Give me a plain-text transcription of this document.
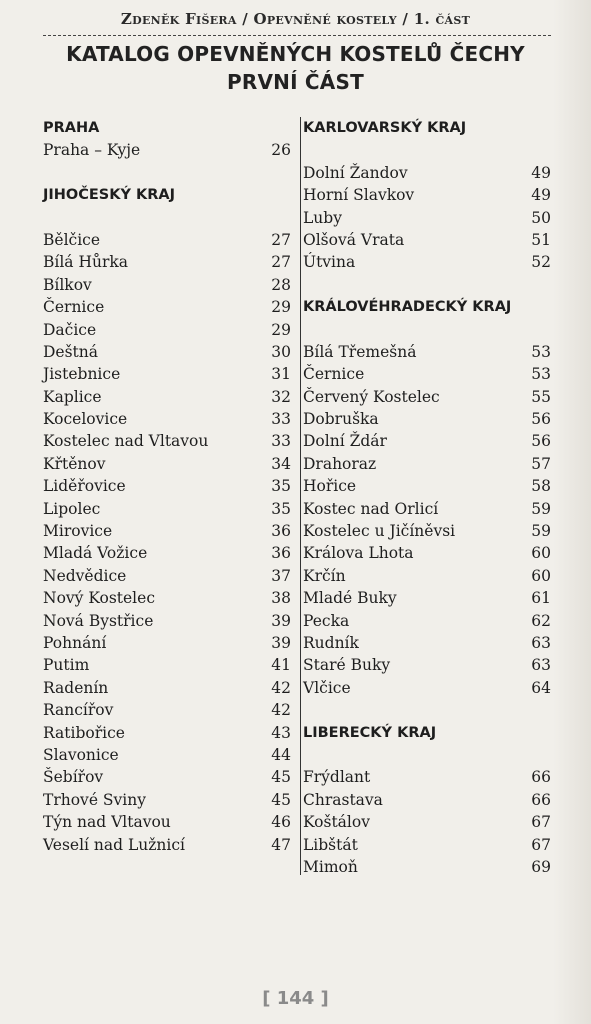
Zdeněk Fišera / Opevněné kostely / 1. část
KATALOG OPEVNĚNÝCH KOSTELŮ ČECHY
PRVNÍ ČÁST
PRAHA
Praha – Kyje	26
JIHOČESKÝ KRAJ
Bělčice	27
Bílá Hůrka	27
Bílkov	28
Černice	29
Dačice	29
Deštná	30
Jistebnice	31
Kaplice	32
Kocelovice	33
Kostelec nad Vltavou	33
Křtěnov	34
Liděřovice	35
Lipolec	35
Mirovice	36
Mladá Vožice	36
Nedvědice	37
Nový Kostelec	38
Nová Bystřice	39
Pohnání	39
Putim	41
Radenín	42
Rancířov	42
Ratibořice	43
Slavonice	44
Šebířov	45
Trhové Sviny	45
Týn nad Vltavou	46
Veselí nad Lužnicí	47
KARLOVARSKÝ KRAJ
Dolní Žandov	49
Horní Slavkov	49
Luby	50
Olšová Vrata	51
Útvina	52
KRÁLOVÉHRADECKÝ KRAJ
Bílá Třemešná	53
Černice	53
Červený Kostelec	55
Dobruška	56
Dolní Ždár	56
Drahoraz	57
Hořice	58
Kostec nad Orlicí	59
Kostelec u Jičíněvsi	59
Králova Lhota	60
Krčín	60
Mladé Buky	61
Pecka	62
Rudník	63
Staré Buky	63
Vlčice	64
LIBERECKÝ KRAJ
Frýdlant	66
Chrastava	66
Koštálov	67
Libštát	67
Mimoň	69
[ 144 ]
